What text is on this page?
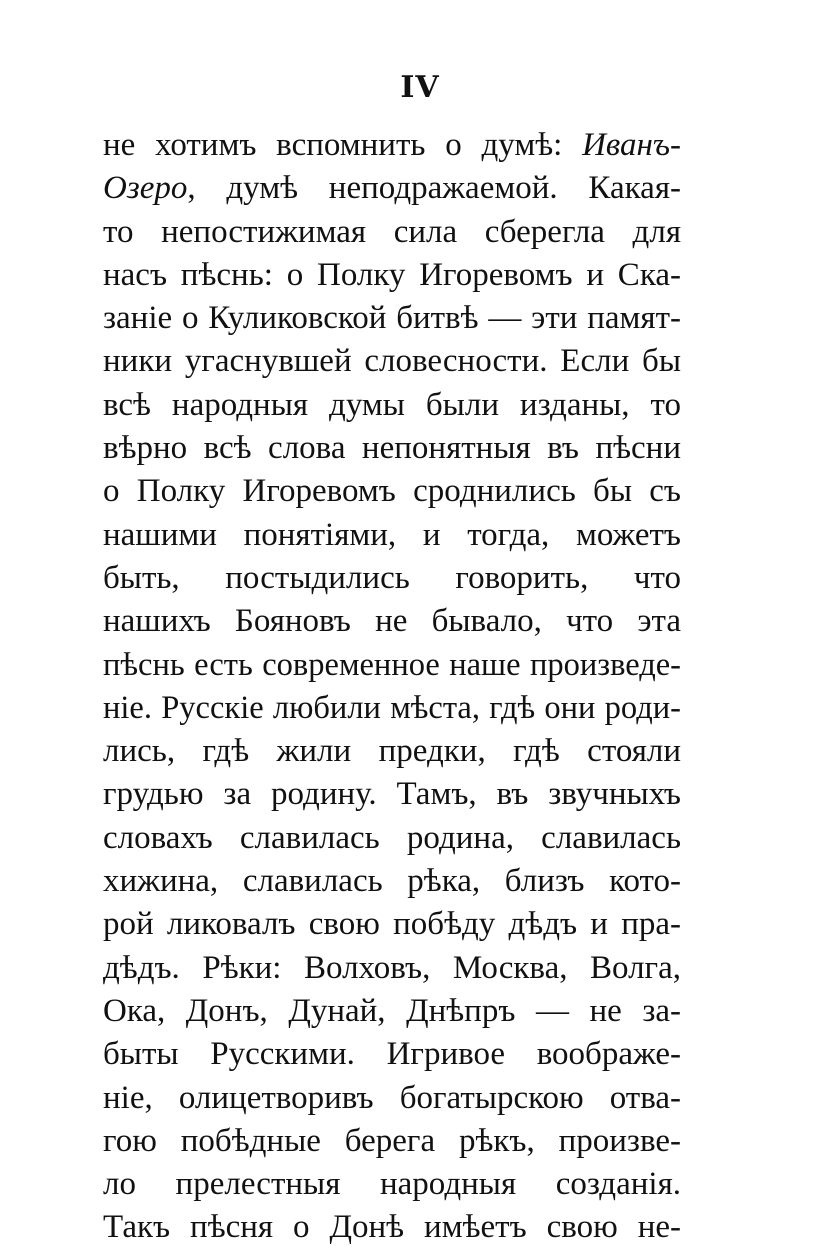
IV
не хотимъ вспомнить о думѣ: Иванъ-
Озеро, думѣ неподражаемой. Какая-
то непостижимая сила сберегла для
насъ пѣснь: о Полку Игоревомъ и Ска-
заніе о Куликовской битвѣ — эти памят-
ники угаснувшей словесности. Если бы
всѣ народныя думы были изданы, то
вѣрно всѣ слова непонятныя въ пѣсни
о Полку Игоревомъ сроднились бы съ
нашими понятіями, и тогда, можетъ
быть, постыдились говорить, что
нашихъ Бояновъ не бывало, что эта
пѣснь есть современное наше произведе-
ніе. Русскіе любили мѣста, гдѣ они роди-
лись, гдѣ жили предки, гдѣ стояли
грудью за родину. Тамъ, въ звучныхъ
словахъ славилась родина, славилась
хижина, славилась рѣка, близъ кото-
рой ликовалъ свою побѣду дѣдъ и пра-
дѣдъ. Рѣки: Волховъ, Москва, Волга,
Ока, Донъ, Дунай, Днѣпръ — не за-
быты Русскими. Игривое воображе-
ніе, олицетворивъ богатырскою отва-
гою побѣдные берега рѣкъ, произве-
ло прелестныя народныя созданія.
Такъ пѣсня о Донѣ имѣетъ свою не-
